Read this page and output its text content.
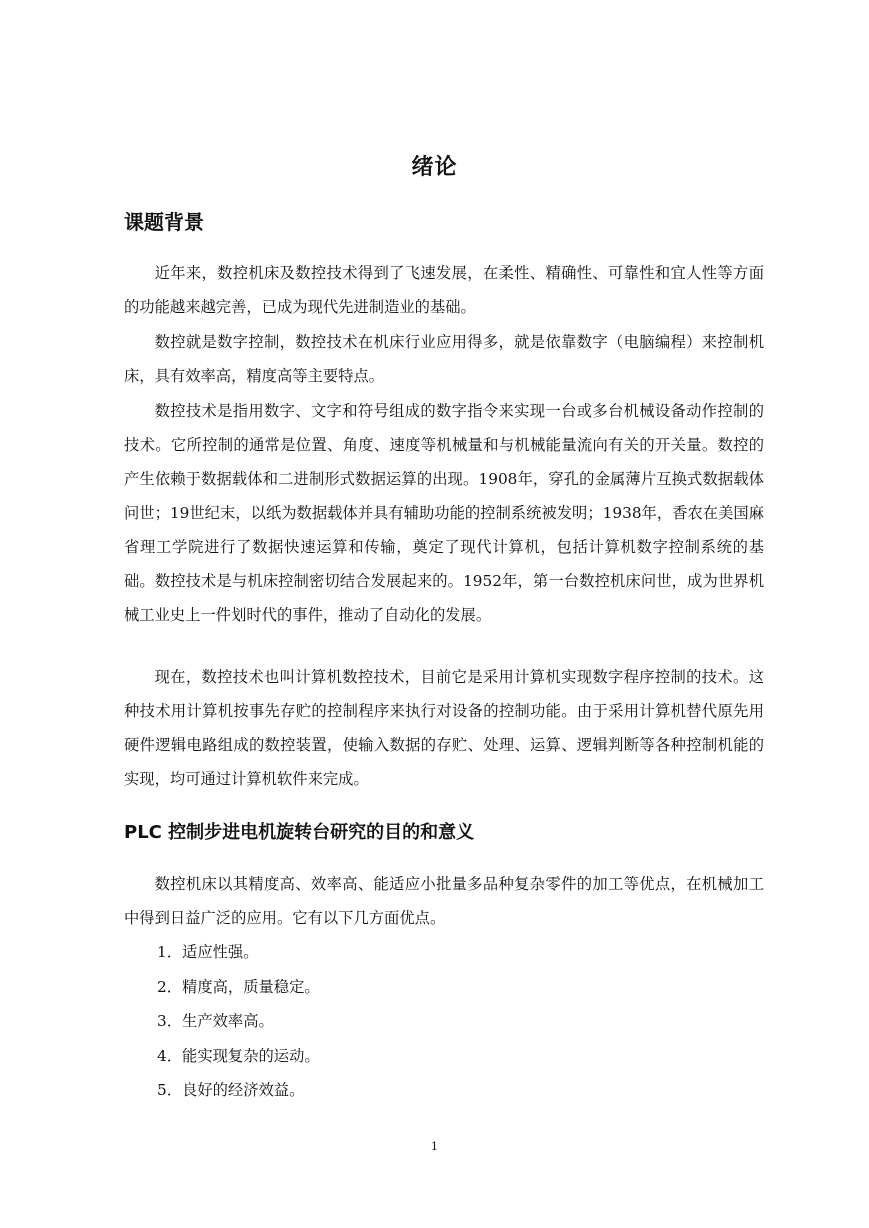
绪论
课题背景

近年来，数控机床及数控技术得到了飞速发展，在柔性、精确性、可靠性和宜人性等方面的功能越来越完善，已成为现代先进制造业的基础。

数控就是数字控制，数控技术在机床行业应用得多，就是依靠数字（电脑编程）来控制机床，具有效率高，精度高等主要特点。

数控技术是指用数字、文字和符号组成的数字指令来实现一台或多台机械设备动作控制的技术。它所控制的通常是位置、角度、速度等机械量和与机械能量流向有关的开关量。数控的产生依赖于数据载体和二进制形式数据运算的出现。1908年，穿孔的金属薄片互换式数据载体问世；19世纪末，以纸为数据载体并具有辅助功能的控制系统被发明；1938年，香农在美国麻省理工学院进行了数据快速运算和传输，奠定了现代计算机，包括计算机数字控制系统的基础。数控技术是与机床控制密切结合发展起来的。1952年，第一台数控机床问世，成为世界机械工业史上一件划时代的事件，推动了自动化的发展。

现在，数控技术也叫计算机数控技术，目前它是采用计算机实现数字程序控制的技术。这种技术用计算机按事先存贮的控制程序来执行对设备的控制功能。由于采用计算机替代原先用硬件逻辑电路组成的数控装置，使输入数据的存贮、处理、运算、逻辑判断等各种控制机能的实现，均可通过计算机软件来完成。

PLC 控制步进电机旋转台研究的目的和意义

数控机床以其精度高、效率高、能适应小批量多品种复杂零件的加工等优点，在机械加工中得到日益广泛的应用。它有以下几方面优点。

1．适应性强。
2．精度高，质量稳定。
3．生产效率高。
4．能实现复杂的运动。
5．良好的经济效益。
1
